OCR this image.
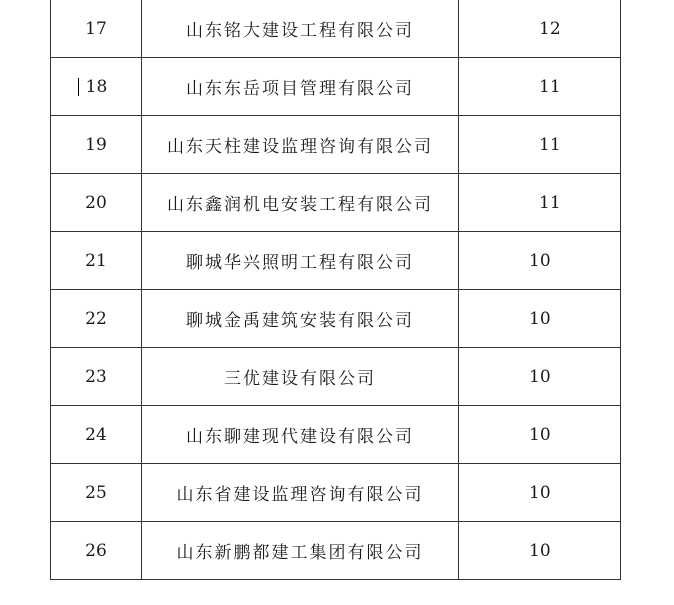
17	山东铭大建设工程有限公司	12
18	山东东岳项目管理有限公司	11
19	山东天柱建设监理咨询有限公司	11
20	山东鑫润机电安装工程有限公司	11
21	聊城华兴照明工程有限公司	10
22	聊城金禹建筑安装有限公司	10
23	三优建设有限公司	10
24	山东聊建现代建设有限公司	10
25	山东省建设监理咨询有限公司	10
26	山东新鹏都建工集团有限公司	10
